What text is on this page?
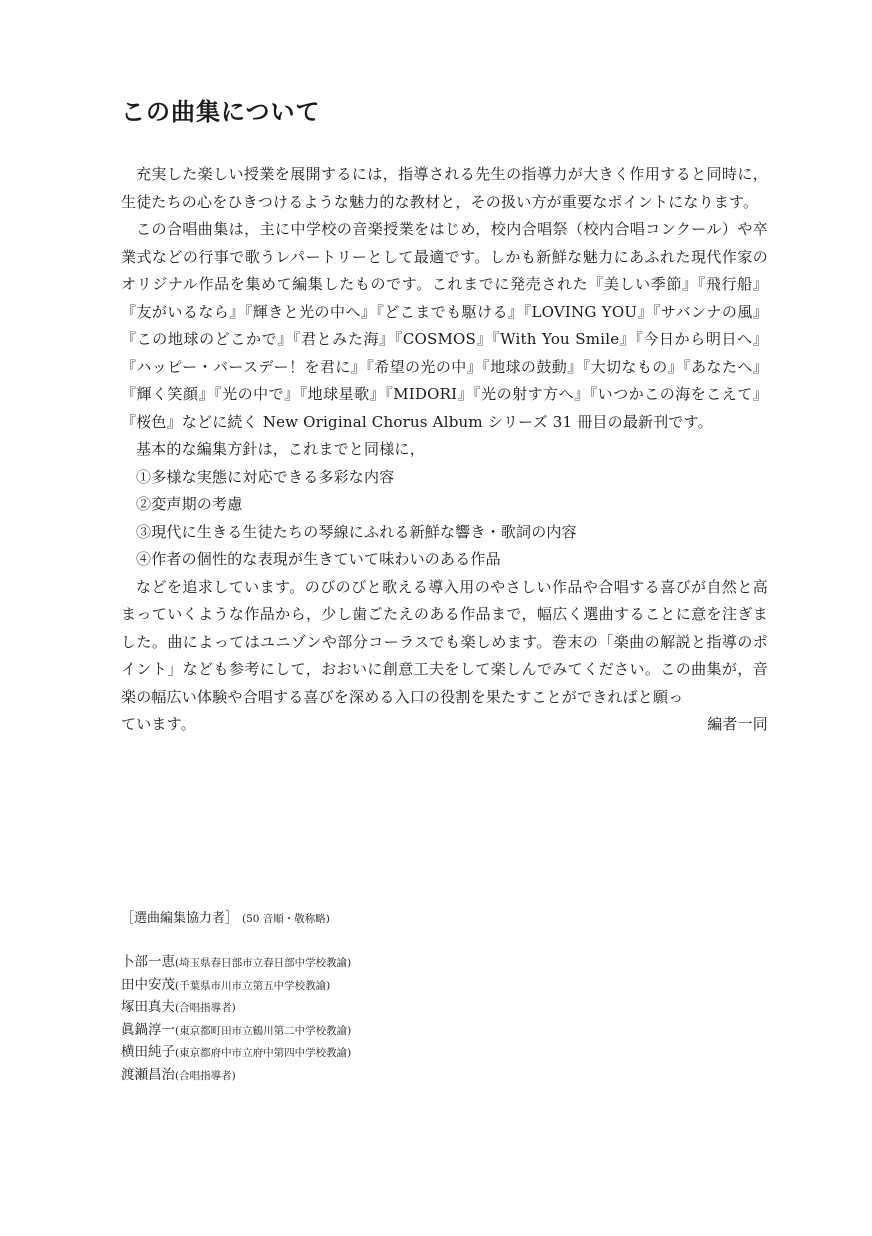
この曲集について

充実した楽しい授業を展開するには，指導される先生の指導力が大きく作用すると同時に，生徒たちの心をひきつけるような魅力的な教材と，その扱い方が重要なポイントになります。

この合唱曲集は，主に中学校の音楽授業をはじめ，校内合唱祭（校内合唱コンクール）や卒業式などの行事で歌うレパートリーとして最適です。しかも新鮮な魅力にあふれた現代作家のオリジナル作品を集めて編集したものです。これまでに発売された『美しい季節』『飛行船』『友がいるなら』『輝きと光の中へ』『どこまでも駆ける』『LOVING YOU』『サバンナの風』『この地球のどこかで』『君とみた海』『COSMOS』『With You Smile』『今日から明日へ』『ハッピー・バースデー！を君に』『希望の光の中』『地球の鼓動』『大切なもの』『あなたへ』『輝く笑顔』『光の中で』『地球星歌』『MIDORI』『光の射す方へ』『いつかこの海をこえて』『桜色』などに続く New Original Chorus Album シリーズ 31 冊目の最新刊です。

基本的な編集方針は，これまでと同様に，

①多様な実態に対応できる多彩な内容
②変声期の考慮
③現代に生きる生徒たちの琴線にふれる新鮮な響き・歌詞の内容
④作者の個性的な表現が生きていて味わいのある作品

などを追求しています。のびのびと歌える導入用のやさしい作品や合唱する喜びが自然と高まっていくような作品から，少し歯ごたえのある作品まで，幅広く選曲することに意を注ぎました。曲によってはユニゾンや部分コーラスでも楽しめます。巻末の「楽曲の解説と指導のポイント」なども参考にして，おおいに創意工夫をして楽しんでみてください。この曲集が，音楽の幅広い体験や合唱する喜びを深める入口の役割を果たすことができればと願っ

ています。	編者一同
［選曲編集協力者］ (50 音順・敬称略)
卜部一恵(埼玉県春日部市立春日部中学校教諭)
田中安茂(千葉県市川市立第五中学校教諭)
塚田真夫(合唱指導者)
眞鍋淳一(東京都町田市立鶴川第二中学校教諭)
横田純子(東京都府中市立府中第四中学校教諭)
渡瀬昌治(合唱指導者)
